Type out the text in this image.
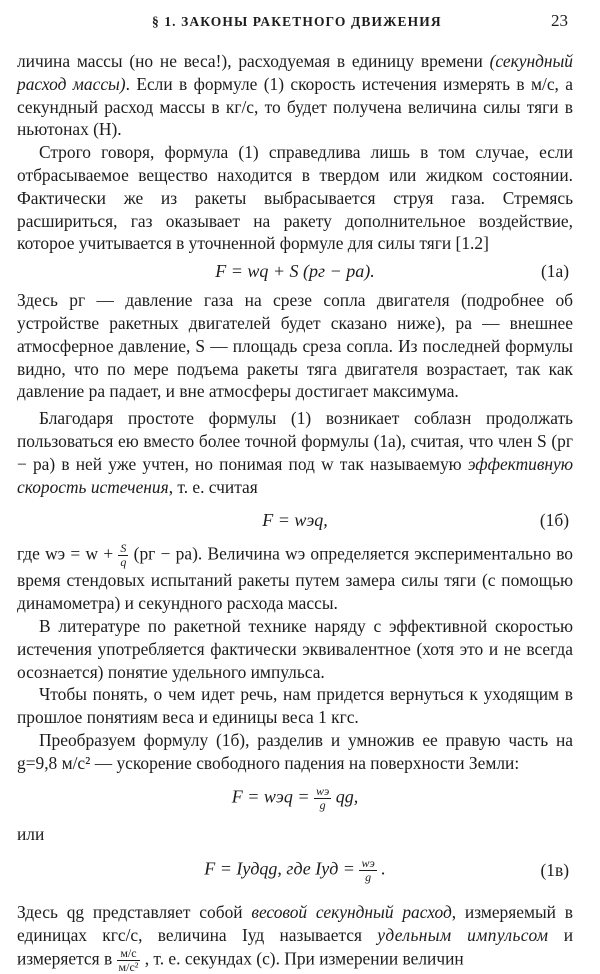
§ 1. ЗАКОНЫ РАКЕТНОГО ДВИЖЕНИЯ	23

личина массы (но не веса!), расходуемая в единицу времени (секундный расход массы). Если в формуле (1) скорость истечения измерять в м/с, а секундный расход массы в кг/с, то будет получена величина силы тяги в ньютонах (Н).

Строго говоря, формула (1) справедлива лишь в том случае, если отбрасываемое вещество находится в твердом или жидком состоянии. Фактически же из ракеты выбрасывается струя газа. Стремясь расшириться, газ оказывает на ракету дополнительное воздействие, которое учитывается в уточненной формуле для силы тяги [1.2]

F = wq + S (pг − pа).	(1а)

Здесь pг — давление газа на срезе сопла двигателя (подробнее об устройстве ракетных двигателей будет сказано ниже), pа — внешнее атмосферное давление, S — площадь среза сопла. Из последней формулы видно, что по мере подъема ракеты тяга двигателя возрастает, так как давление pа падает, и вне атмосферы достигает максимума.

Благодаря простоте формулы (1) возникает соблазн продолжать пользоваться ею вместо более точной формулы (1а), считая, что член S (pг − pа) в ней уже учтен, но понимая под w так называемую эффективную скорость истечения, т. е. считая

F = wэq,	(1б)

где wэ = $w + \frac{S}{q} (pг - pа)$. Величина wэ определяется экспериментально во время стендовых испытаний ракеты путем замера силы тяги (с помощью динамометра) и секундного расхода массы.

В литературе по ракетной технике наряду с эффективной скоростью истечения употребляется фактически эквивалентное (хотя это и не всегда осознается) понятие удельного импульса.

Чтобы понять, о чем идет речь, нам придется вернуться к уходящим в прошлое понятиям веса и единицы веса 1 кгс.

Преобразуем формулу (1б), разделив и умножив ее правую часть на g=9,8 м/с² — ускорение свободного падения на поверхности Земли:

F = wэq = $\frac{wэ}{g}$ qg,

или

F = Iудqg, где Iуд = $\frac{wэ}{g}$ .	(1в)

Здесь qg представляет собой весовой секундный расход, измеряемый в единицах кгс/с, величина Iуд называется удельным импульсом и измеряется в $\frac{м/с}{\text{м/с²}}$ , т. е. секундах (с). При измерении величин
